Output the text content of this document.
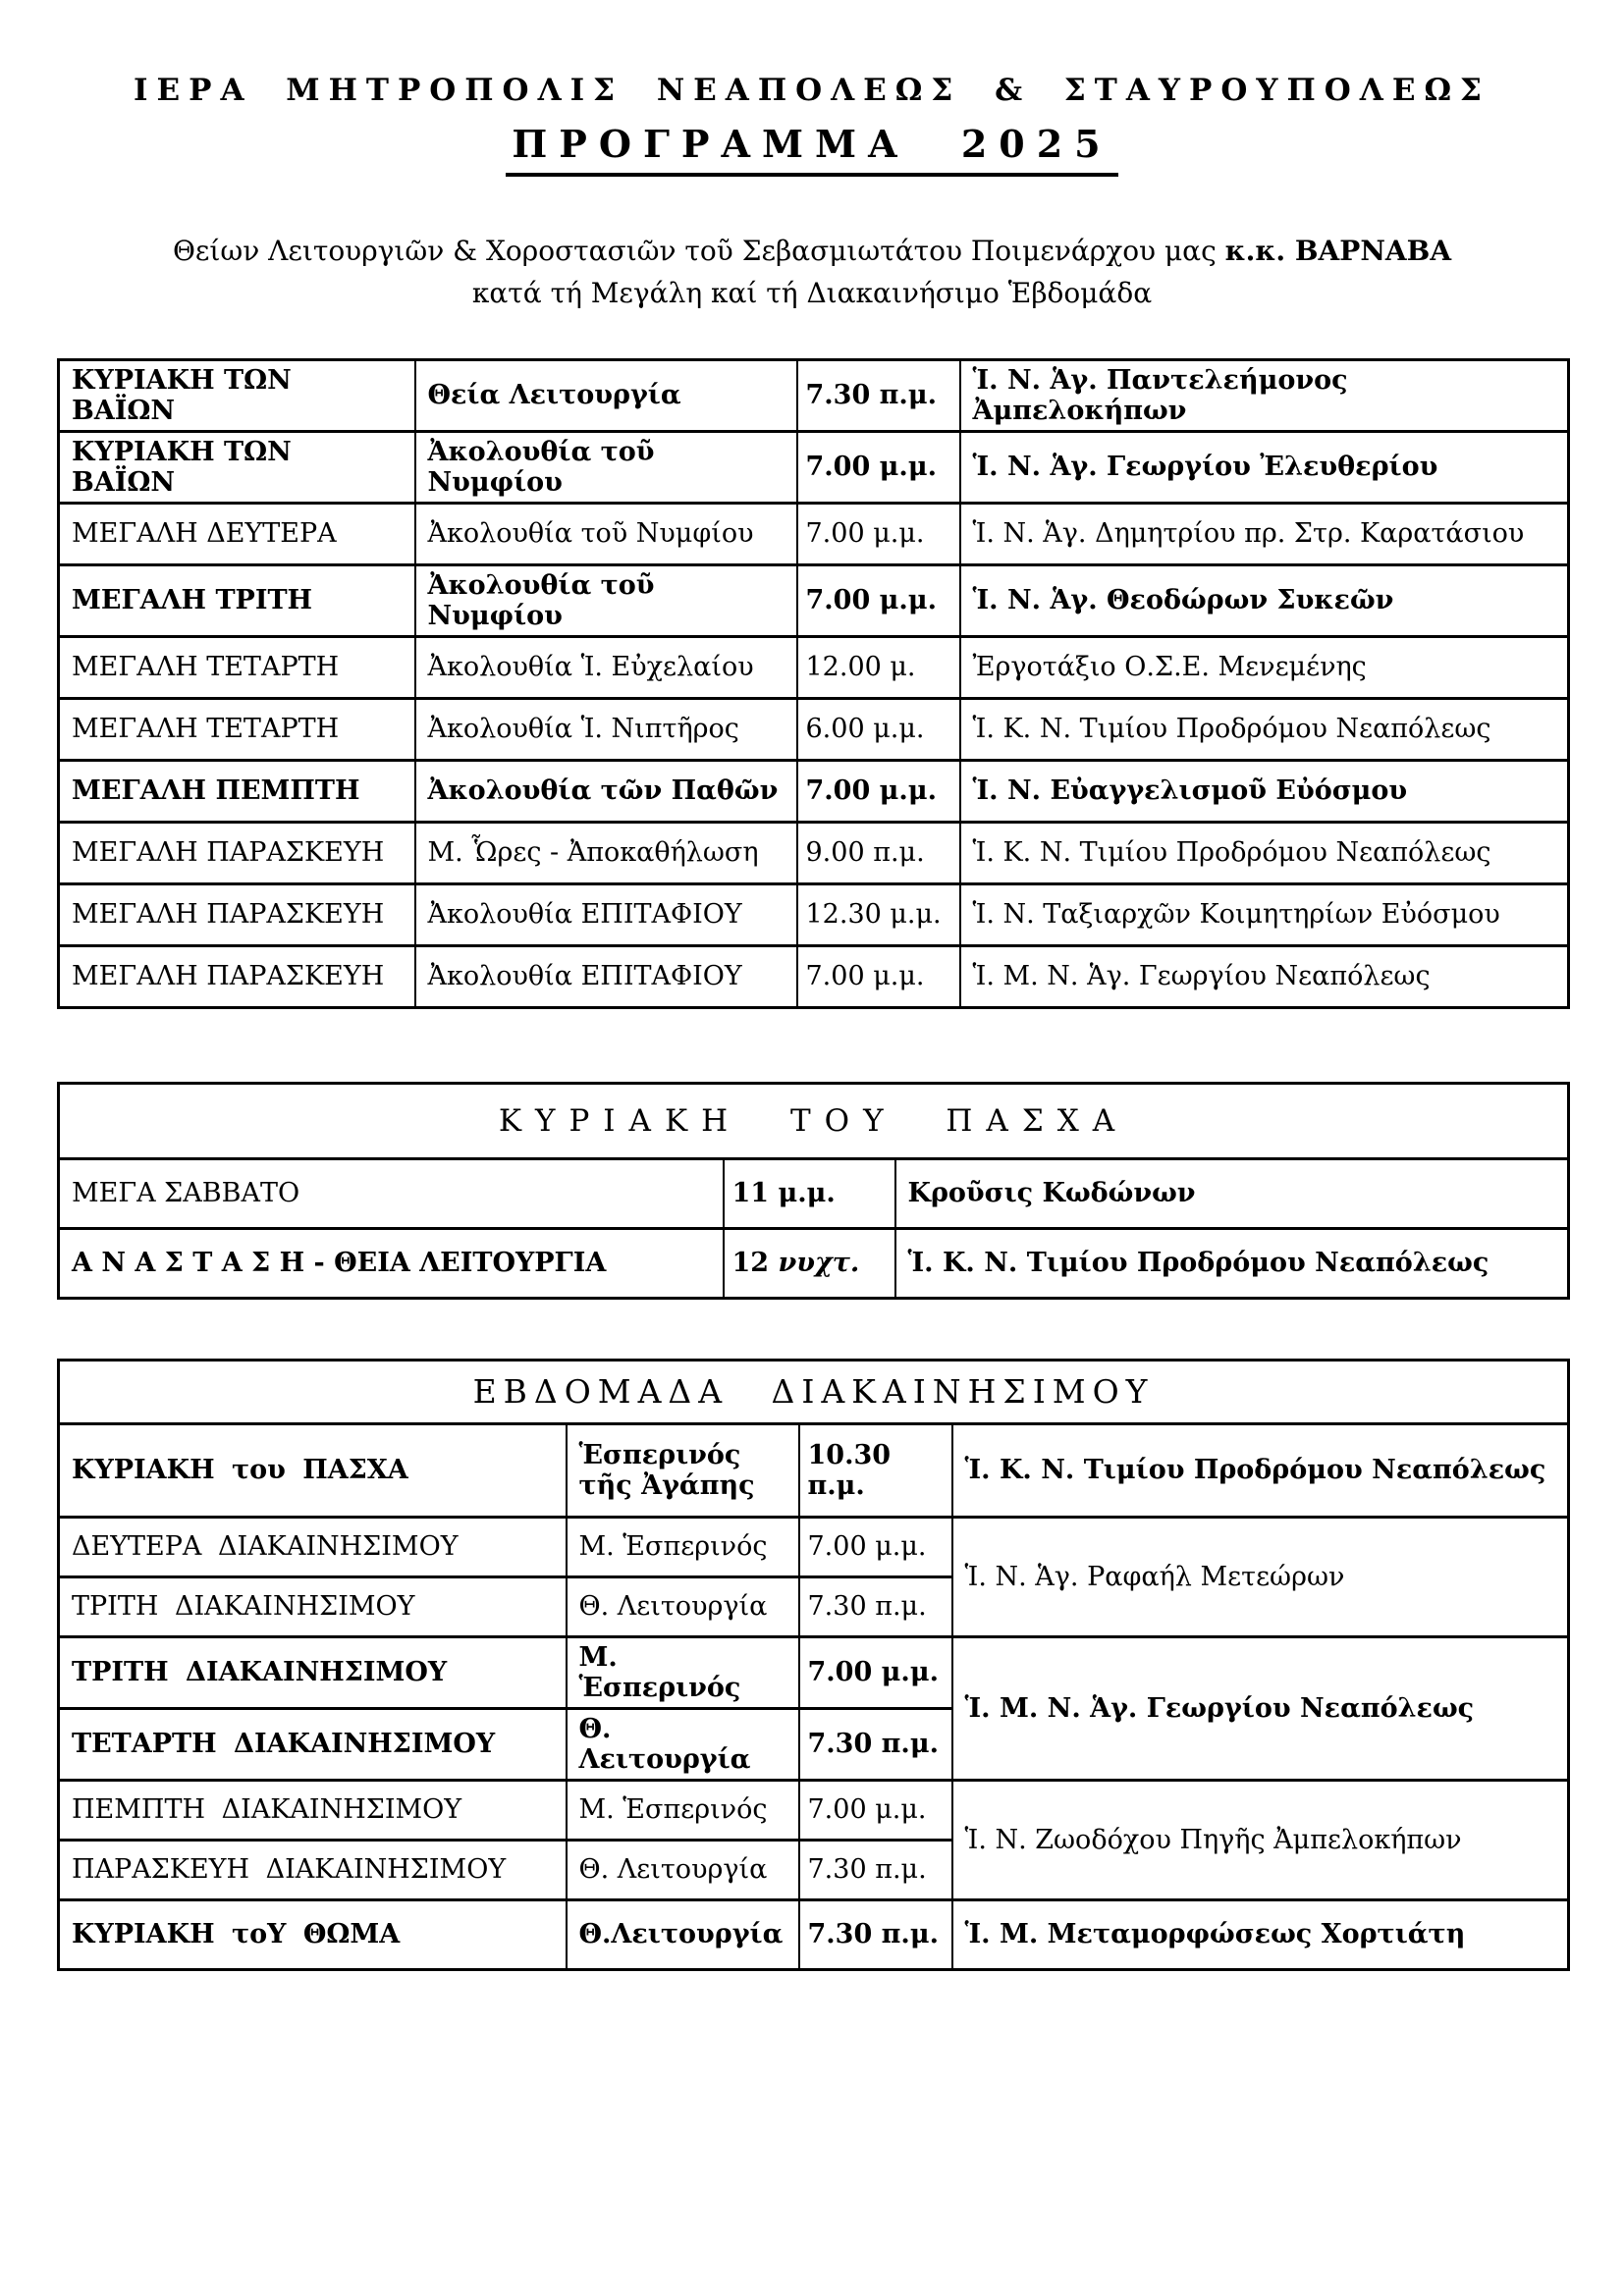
ΙΕΡΑ ΜΗΤΡΟΠΟΛΙΣ ΝΕΑΠΟΛΕΩΣ & ΣΤΑΥΡΟΥΠΟΛΕΩΣ
ΠΡΟΓΡΑΜΜΑ 2025

Θείων Λειτουργιῶν & Χοροστασιῶν τοῦ Σεβασμιωτάτου Ποιμενάρχου μας κ.κ. ΒΑΡΝΑΒΑ
κατά τή Μεγάλη καί τή Διακαινήσιμο Ἑβδομάδα

ΚΥΡΙΑΚΗ ΤΩΝ ΒΑΪΩΝ	Θεία Λειτουργία	7.30 π.μ.	Ἱ. Ν. Ἁγ. Παντελεήμονος Ἀμπελοκήπων
ΚΥΡΙΑΚΗ ΤΩΝ ΒΑΪΩΝ	Ἀκολουθία τοῦ Νυμφίου	7.00 μ.μ.	Ἱ. Ν. Ἁγ. Γεωργίου Ἐλευθερίου
ΜΕΓΑΛΗ ΔΕΥΤΕΡΑ	Ἀκολουθία τοῦ Νυμφίου	7.00 μ.μ.	Ἱ. Ν. Ἁγ. Δημητρίου πρ. Στρ. Καρατάσιου
ΜΕΓΑΛΗ ΤΡΙΤΗ	Ἀκολουθία τοῦ Νυμφίου	7.00 μ.μ.	Ἱ. Ν. Ἁγ. Θεοδώρων Συκεῶν
ΜΕΓΑΛΗ ΤΕΤΑΡΤΗ	Ἀκολουθία Ἱ. Εὐχελαίου	12.00 μ.	Ἐργοτάξιο Ο.Σ.Ε. Μενεμένης
ΜΕΓΑΛΗ ΤΕΤΑΡΤΗ	Ἀκολουθία Ἱ. Νιπτῆρος	6.00 μ.μ.	Ἱ. Κ. Ν. Τιμίου Προδρόμου Νεαπόλεως
ΜΕΓΑΛΗ ΠΕΜΠΤΗ	Ἀκολουθία τῶν Παθῶν	7.00 μ.μ.	Ἱ. Ν. Εὐαγγελισμοῦ Εὐόσμου
ΜΕΓΑΛΗ ΠΑΡΑΣΚΕΥΗ	Μ. Ὧρες - Ἀποκαθήλωση	9.00 π.μ.	Ἱ. Κ. Ν. Τιμίου Προδρόμου Νεαπόλεως
ΜΕΓΑΛΗ ΠΑΡΑΣΚΕΥΗ	Ἀκολουθία ΕΠΙΤΑΦΙΟΥ	12.30 μ.μ.	Ἱ. Ν. Ταξιαρχῶν Κοιμητηρίων Εὐόσμου
ΜΕΓΑΛΗ ΠΑΡΑΣΚΕΥΗ	Ἀκολουθία ΕΠΙΤΑΦΙΟΥ	7.00 μ.μ.	Ἱ. Μ. Ν. Ἁγ. Γεωργίου Νεαπόλεως
ΚΥΡΙΑΚΗ ΤΟΥ ΠΑΣΧΑ		
ΜΕΓΑ ΣΑΒΒΑΤΟ	11 μ.μ.	Κροῦσις Κωδώνων
Α Ν Α Σ Τ Α Σ Η - ΘΕΙΑ ΛΕΙΤΟΥΡΓΙΑ	12 νυχτ.	Ἱ. Κ. Ν. Τιμίου Προδρόμου Νεαπόλεως
ΕΒΔΟΜΑΔΑ ΔΙΑΚΑΙΝΗΣΙΜΟΥ			
ΚΥΡΙΑΚΗ του ΠΑΣΧΑ	Ἑσπερινός τῆς Ἀγάπης	10.30 π.μ.	Ἱ. Κ. Ν. Τιμίου Προδρόμου Νεαπόλεως
ΔΕΥΤΕΡΑ ΔΙΑΚΑΙΝΗΣΙΜΟΥ	Μ. Ἑσπερινός	7.00 μ.μ.	Ἱ. Ν. Ἁγ. Ραφαήλ Μετεώρων
ΤΡΙΤΗ ΔΙΑΚΑΙΝΗΣΙΜΟΥ	Θ. Λειτουργία	7.30 π.μ.	
ΤΡΙΤΗ ΔΙΑΚΑΙΝΗΣΙΜΟΥ	Μ. Ἑσπερινός	7.00 μ.μ.	Ἱ. Μ. Ν. Ἁγ. Γεωργίου Νεαπόλεως
ΤΕΤΑΡΤΗ ΔΙΑΚΑΙΝΗΣΙΜΟΥ	Θ. Λειτουργία	7.30 π.μ.	
ΠΕΜΠΤΗ ΔΙΑΚΑΙΝΗΣΙΜΟΥ	Μ. Ἑσπερινός	7.00 μ.μ.	Ἱ. Ν. Ζωοδόχου Πηγῆς Ἀμπελοκήπων
ΠΑΡΑΣΚΕΥΗ ΔΙΑΚΑΙΝΗΣΙΜΟΥ	Θ. Λειτουργία	7.30 π.μ.	
ΚΥΡΙΑΚΗ τοΥ ΘΩΜΑ	Θ.Λειτουργία	7.30 π.μ.	Ἱ. Μ. Μεταμορφώσεως Χορτιάτη
